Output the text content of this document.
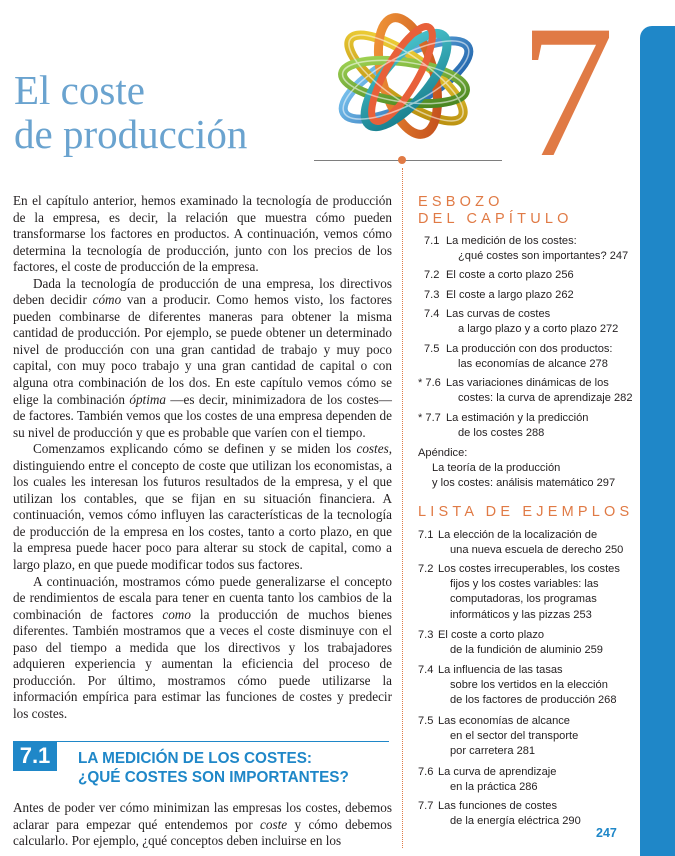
El coste
de producción	7

En el capítulo anterior, hemos examinado la tecnología de producción de la empresa, es decir, la relación que muestra cómo pueden transformarse los factores en productos. A continuación, vemos cómo determina la tecnología de producción, junto con los precios de los factores, el coste de producción de la empresa.

Dada la tecnología de producción de una empresa, los directivos deben decidir cómo van a producir. Como hemos visto, los factores pueden combinarse de diferentes maneras para obtener la misma cantidad de producción. Por ejemplo, se puede obtener un determinado nivel de producción con una gran cantidad de trabajo y muy poco capital, con muy poco trabajo y una gran cantidad de capital o con alguna otra combinación de los dos. En este capítulo vemos cómo se elige la combinación óptima —es decir, minimizadora de los costes— de factores. También vemos que los costes de una empresa dependen de su nivel de producción y que es probable que varíen con el tiempo.

Comenzamos explicando cómo se definen y se miden los costes, distinguiendo entre el concepto de coste que utilizan los economistas, a los cuales les interesan los futuros resultados de la empresa, y el que utilizan los contables, que se fijan en su situación financiera. A continuación, vemos cómo influyen las características de la tecnología de producción de la empresa en los costes, tanto a corto plazo, en que la empresa puede hacer poco para alterar su stock de capital, como a largo plazo, en que puede modificar todos sus factores.

A continuación, mostramos cómo puede generalizarse el concepto de rendimientos de escala para tener en cuenta tanto los cambios de la combinación de factores como la producción de muchos bienes diferentes. También mostramos que a veces el coste disminuye con el paso del tiempo a medida que los directivos y los trabajadores adquieren experiencia y aumentan la eficiencia del proceso de producción. Por último, mostramos cómo puede utilizarse la información empírica para estimar las funciones de costes y predecir los costes.

7.1	LA MEDICIÓN DE LOS COSTES:
¿QUÉ COSTES SON IMPORTANTES?

Antes de poder ver cómo minimizan las empresas los costes, debemos aclarar para empezar qué entendemos por coste y cómo debemos calcularlo. Por ejemplo, ¿qué conceptos deben incluirse en los

ESBOZO
DEL CAPÍTULO
7.1 La medición de los costes:
¿qué costes son importantes? 247
7.2 El coste a corto plazo 256
7.3 El coste a largo plazo 262
7.4 Las curvas de costes
a largo plazo y a corto plazo 272
7.5 La producción con dos productos:
las economías de alcance 278
* 7.6 Las variaciones dinámicas de los
costes: la curva de aprendizaje 282
* 7.7 La estimación y la predicción
de los costes 288
Apéndice:
La teoría de la producción
y los costes: análisis matemático 297
LISTA DE EJEMPLOS
7.1 La elección de la localización de
una nueva escuela de derecho 250
7.2 Los costes irrecuperables, los costes
fijos y los costes variables: las
computadoras, los programas
informáticos y las pizzas 253
7.3 El coste a corto plazo
de la fundición de aluminio 259
7.4 La influencia de las tasas
sobre los vertidos en la elección
de los factores de producción 268
7.5 Las economías de alcance
en el sector del transporte
por carretera 281
7.6 La curva de aprendizaje
en la práctica 286
7.7 Las funciones de costes
de la energía eléctrica 290
247
